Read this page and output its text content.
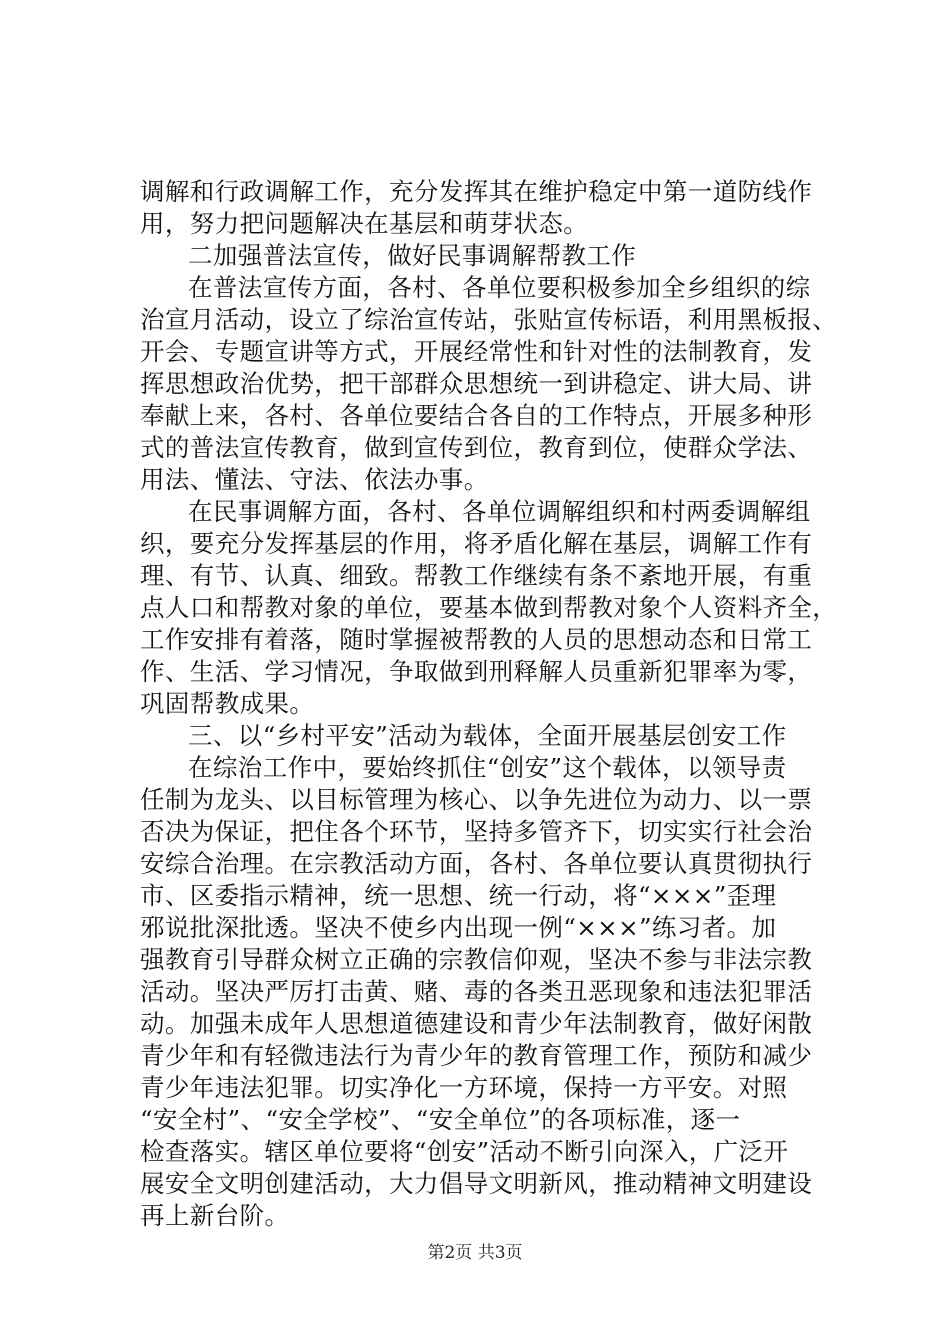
调解和行政调解工作，充分发挥其在维护稳定中第一道防线作
用，努力把问题解决在基层和萌芽状态。
二加强普法宣传，做好民事调解帮教工作
在普法宣传方面，各村、各单位要积极参加全乡组织的综
治宣月活动，设立了综治宣传站，张贴宣传标语，利用黑板报、
开会、专题宣讲等方式，开展经常性和针对性的法制教育，发
挥思想政治优势，把干部群众思想统一到讲稳定、讲大局、讲
奉献上来，各村、各单位要结合各自的工作特点，开展多种形
式的普法宣传教育，做到宣传到位，教育到位，使群众学法、
用法、懂法、守法、依法办事。
在民事调解方面，各村、各单位调解组织和村两委调解组
织，要充分发挥基层的作用，将矛盾化解在基层，调解工作有
理、有节、认真、细致。帮教工作继续有条不紊地开展，有重
点人口和帮教对象的单位，要基本做到帮教对象个人资料齐全，
工作安排有着落，随时掌握被帮教的人员的思想动态和日常工
作、生活、学习情况，争取做到刑释解人员重新犯罪率为零，
巩固帮教成果。
三、以“乡村平安”活动为载体，全面开展基层创安工作
在综治工作中，要始终抓住“创安”这个载体，以领导责
任制为龙头、以目标管理为核心、以争先进位为动力、以一票
否决为保证，把住各个环节，坚持多管齐下，切实实行社会治
安综合治理。在宗教活动方面，各村、各单位要认真贯彻执行
市、区委指示精神，统一思想、统一行动，将“×××”歪理
邪说批深批透。坚决不使乡内出现一例“×××”练习者。加
强教育引导群众树立正确的宗教信仰观，坚决不参与非法宗教
活动。坚决严厉打击黄、赌、毒的各类丑恶现象和违法犯罪活
动。加强未成年人思想道德建设和青少年法制教育，做好闲散
青少年和有轻微违法行为青少年的教育管理工作，预防和减少
青少年违法犯罪。切实净化一方环境，保持一方平安。对照
“安全村”、“安全学校”、“安全单位”的各项标准，逐一
检查落实。辖区单位要将“创安”活动不断引向深入，广泛开
展安全文明创建活动，大力倡导文明新风，推动精神文明建设
再上新台阶。
第2页 共3页
